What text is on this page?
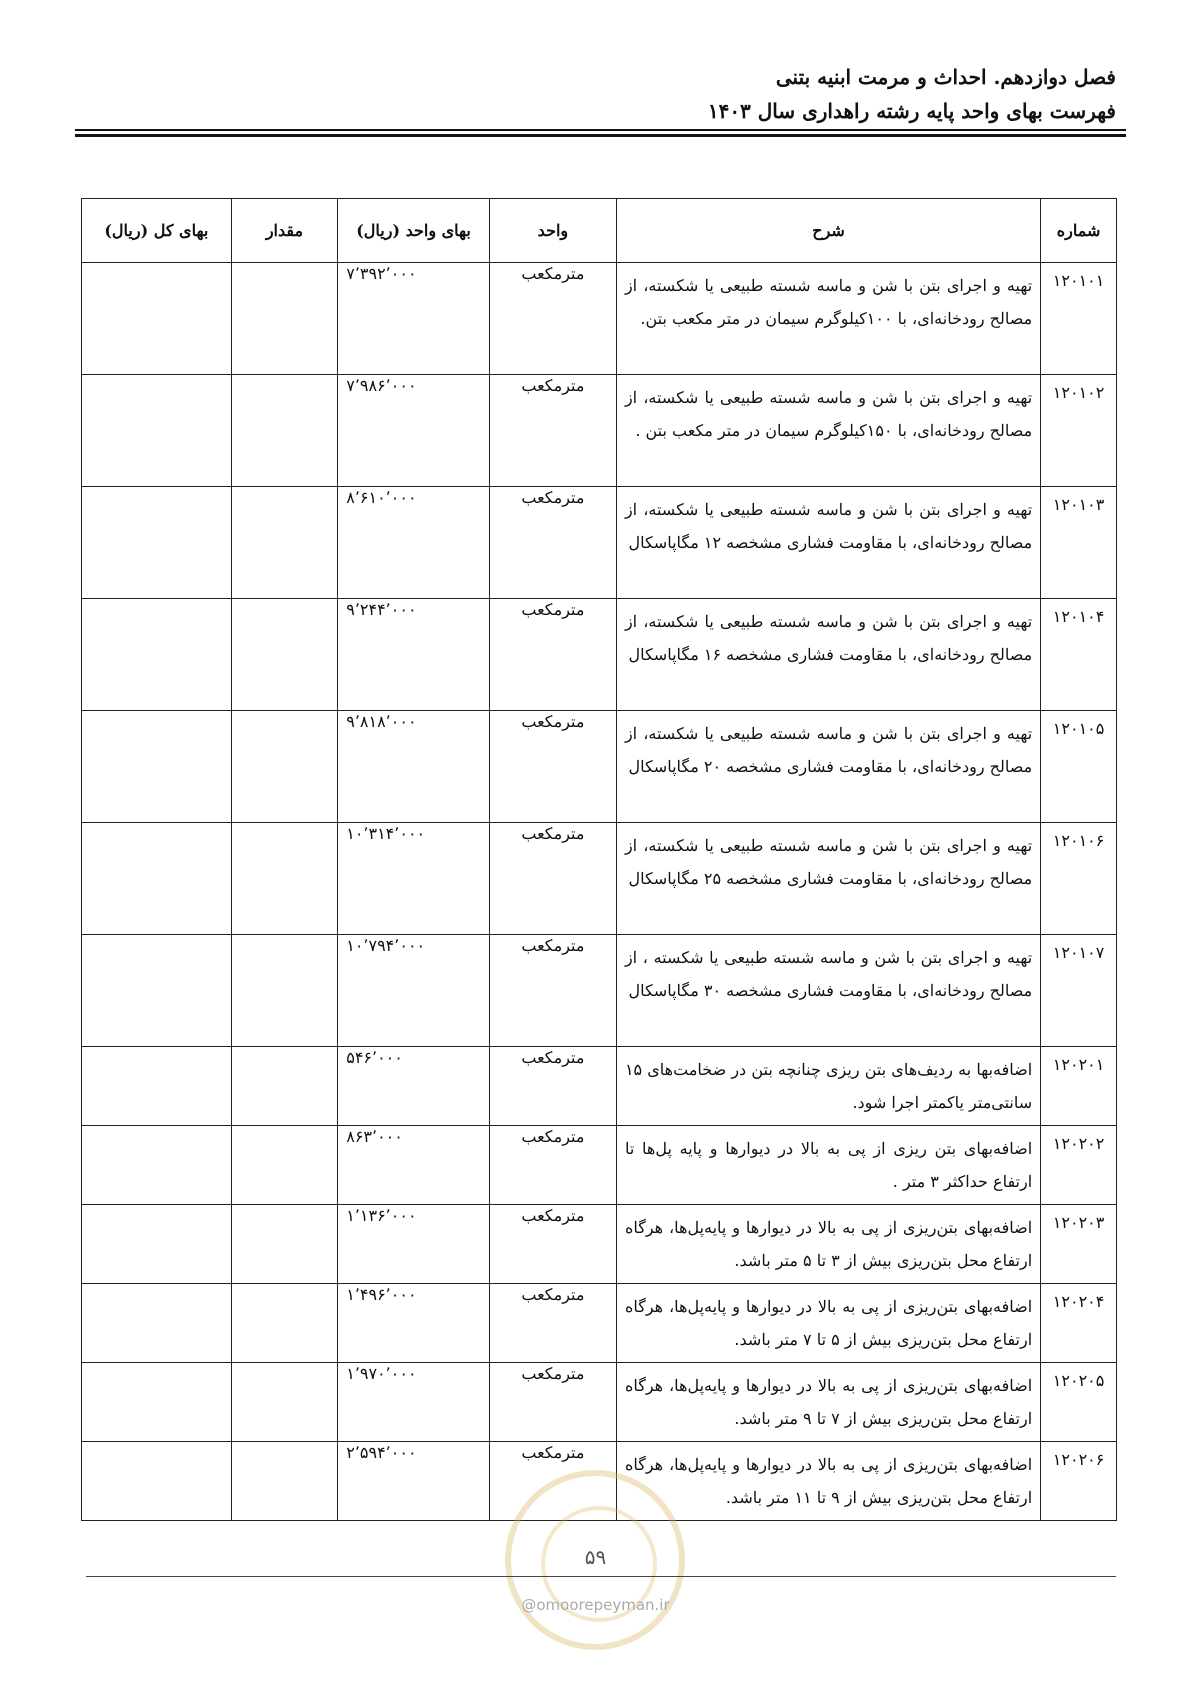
فصل دوازدهم. احداث و مرمت ابنیه بتنی
فهرست بهای واحد پایه رشته راهداری سال ۱۴۰۳
شماره	شرح	واحد	بهای واحد (ریال)	مقدار	بهای کل (ریال)
۱۲۰۱۰۱	تهیه و اجرای بتن با شن و ماسه شسته طبیعی یا شکسته، از مصالح رودخانه‌ای، با ۱۰۰کیلوگرم سیمان در متر مکعب بتن.	مترمکعب	۷٬۳۹۲٬۰۰۰		
۱۲۰۱۰۲	تهیه و اجرای بتن با شن و ماسه شسته طبیعی یا شکسته، از مصالح رودخانه‌ای، با ۱۵۰کیلوگرم سیمان در متر مکعب بتن .	مترمکعب	۷٬۹۸۶٬۰۰۰		
۱۲۰۱۰۳	تهیه و اجرای بتن با شن و ماسه شسته طبیعی یا شکسته، از مصالح رودخانه‌ای، با مقاومت فشاری مشخصه ۱۲ مگاپاسکال	مترمکعب	۸٬۶۱۰٬۰۰۰		
۱۲۰۱۰۴	تهیه و اجرای بتن با شن و ماسه شسته طبیعی یا شکسته، از مصالح رودخانه‌ای، با مقاومت فشاری مشخصه ۱۶ مگاپاسکال	مترمکعب	۹٬۲۴۴٬۰۰۰		
۱۲۰۱۰۵	تهیه و اجرای بتن با شن و ماسه شسته طبیعی یا شکسته، از مصالح رودخانه‌ای، با مقاومت فشاری مشخصه ۲۰ مگاپاسکال	مترمکعب	۹٬۸۱۸٬۰۰۰		
۱۲۰۱۰۶	تهیه و اجرای بتن با شن و ماسه شسته طبیعی یا شکسته، از مصالح رودخانه‌ای، با مقاومت فشاری مشخصه ۲۵ مگاپاسکال	مترمکعب	۱۰٬۳۱۴٬۰۰۰		
۱۲۰۱۰۷	تهیه و اجرای بتن با شن و ماسه شسته طبیعی یا شکسته ، از مصالح رودخانه‌ای، با مقاومت فشاری مشخصه ۳۰ مگاپاسکال	مترمکعب	۱۰٬۷۹۴٬۰۰۰		
۱۲۰۲۰۱	اضافه‌بها به ردیف‌های بتن ریزی چنانچه بتن در ضخامت‌های ۱۵ سانتی‌متر یاکمتر اجرا شود.	مترمکعب	۵۴۶٬۰۰۰		
۱۲۰۲۰۲	اضافه‌بهای بتن ریزی از پی به بالا در دیوارها و پایه پل‌ها تا ارتفاع حداکثر ۳ متر .	مترمکعب	۸۶۳٬۰۰۰		
۱۲۰۲۰۳	اضافه‌بهای بتن‌ریزی از پی به بالا در دیوارها و پایه‌پل‌ها، هرگاه ارتفاع محل بتن‌ریزی بیش از ۳ تا ۵ متر باشد.	مترمکعب	۱٬۱۳۶٬۰۰۰		
۱۲۰۲۰۴	اضافه‌بهای بتن‌ریزی از پی به بالا در دیوارها و پایه‌پل‌ها، هرگاه ارتفاع محل بتن‌ریزی بیش از ۵ تا ۷ متر باشد.	مترمکعب	۱٬۴۹۶٬۰۰۰		
۱۲۰۲۰۵	اضافه‌بهای بتن‌ریزی از پی به بالا در دیوارها و پایه‌پل‌ها، هرگاه ارتفاع محل بتن‌ریزی بیش از ۷ تا ۹ متر باشد.	مترمکعب	۱٬۹۷۰٬۰۰۰		
۱۲۰۲۰۶	اضافه‌بهای بتن‌ریزی از پی به بالا در دیوارها و پایه‌پل‌ها، هرگاه ارتفاع محل بتن‌ریزی بیش از ۹ تا ۱۱ متر باشد.	مترمکعب	۲٬۵۹۴٬۰۰۰		
۵۹
@omoorepeyman.ir
